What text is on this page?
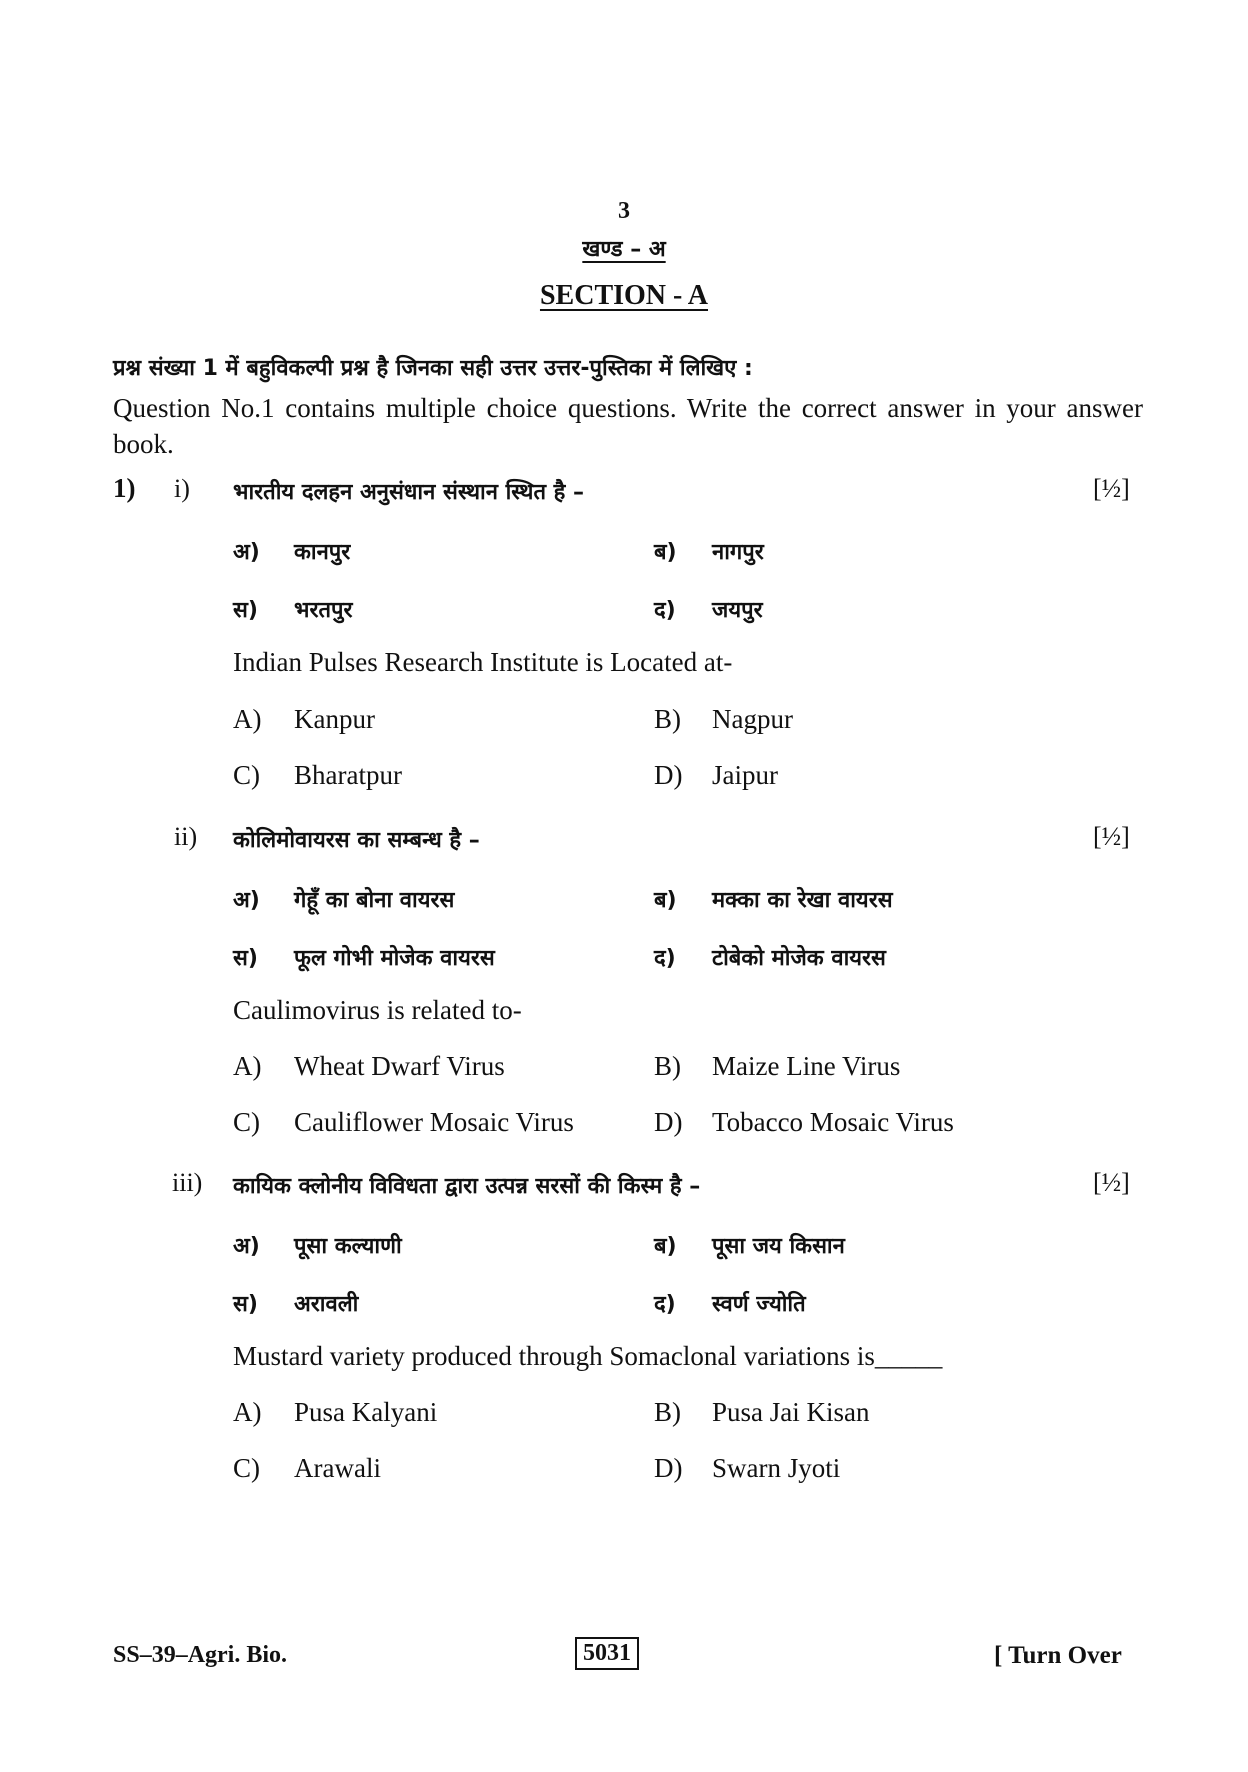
3
खण्ड – अ
SECTION - A
प्रश्न संख्या 1 में बहुविकल्पी प्रश्न है जिनका सही उत्तर उत्तर-पुस्तिका में लिखिए :
Question No.1 contains multiple choice questions. Write the correct answer in your answer book.
1) i) भारतीय दलहन अनुसंधान संस्थान स्थित है –	[½]
अ) कानपुर	ब) नागपुर
स) भरतपुर	द) जयपुर
Indian Pulses Research Institute is Located at-
A) Kanpur	B) Nagpur
C) Bharatpur	D) Jaipur
ii) कोलिमोवायरस का सम्बन्ध है –	[½]
अ) गेहूँ का बोना वायरस	ब) मक्का का रेखा वायरस
स) फूल गोभी मोजेक वायरस	द) टोबेको मोजेक वायरस
Caulimovirus is related to-
A) Wheat Dwarf Virus	B) Maize Line Virus
C) Cauliflower Mosaic Virus	D) Tobacco Mosaic Virus
iii) कायिक क्लोनीय विविधता द्वारा उत्पन्न सरसों की किस्म है –	[½]
अ) पूसा कल्याणी	ब) पूसा जय किसान
स) अरावली	द) स्वर्ण ज्योति
Mustard variety produced through Somaclonal variations is_____
A) Pusa Kalyani	B) Pusa Jai Kisan
C) Arawali	D) Swarn Jyoti
SS–39–Agri. Bio.	5031	[ Turn Over
